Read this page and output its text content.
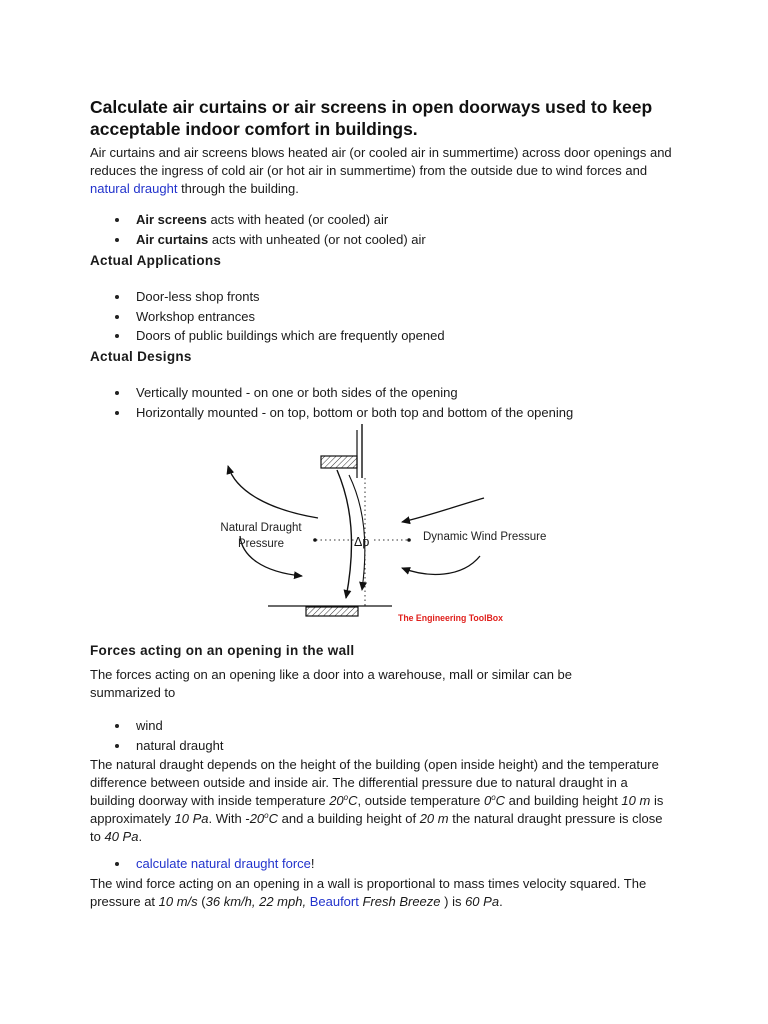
Calculate air curtains or air screens in open doorways used to keep acceptable indoor comfort in buildings.

Air curtains and air screens blows heated air (or cooled air in summertime) across door openings and reduces the ingress of cold air (or hot air in summertime) from the outside due to wind forces and natural draught through the building.

Air screens acts with heated (or cooled) air
Air curtains acts with unheated (or not cooled) air
Actual Applications
Door-less shop fronts
Workshop entrances
Doors of public buildings which are frequently opened
Actual Designs
Vertically mounted - on one or both sides of the opening
Horizontally mounted - on top, bottom or both top and bottom of the opening
Forces acting on an opening in the wall

The forces acting on an opening like a door into a warehouse, mall or similar can be summarized to

wind
natural draught

The natural draught depends on the height of the building (open inside height) and the temperature difference between outside and inside air. The differential pressure due to natural draught in a building doorway with inside temperature 20$^o$C, outside temperature 0$^o$C and building height 10 m is approximately 10 Pa. With -20$^o$C and a building height of 20 m the natural draught pressure is close to 40 Pa.

calculate natural draught force!

The wind force acting on an opening in a wall is proportional to mass times velocity squared. The pressure at 10 m/s (36 km/h, 22 mph, Beaufort Fresh Breeze ) is 60 Pa.

Natural Draught
Pressure	Δp	Dynamic Wind Pressure
The Engineering ToolBox
